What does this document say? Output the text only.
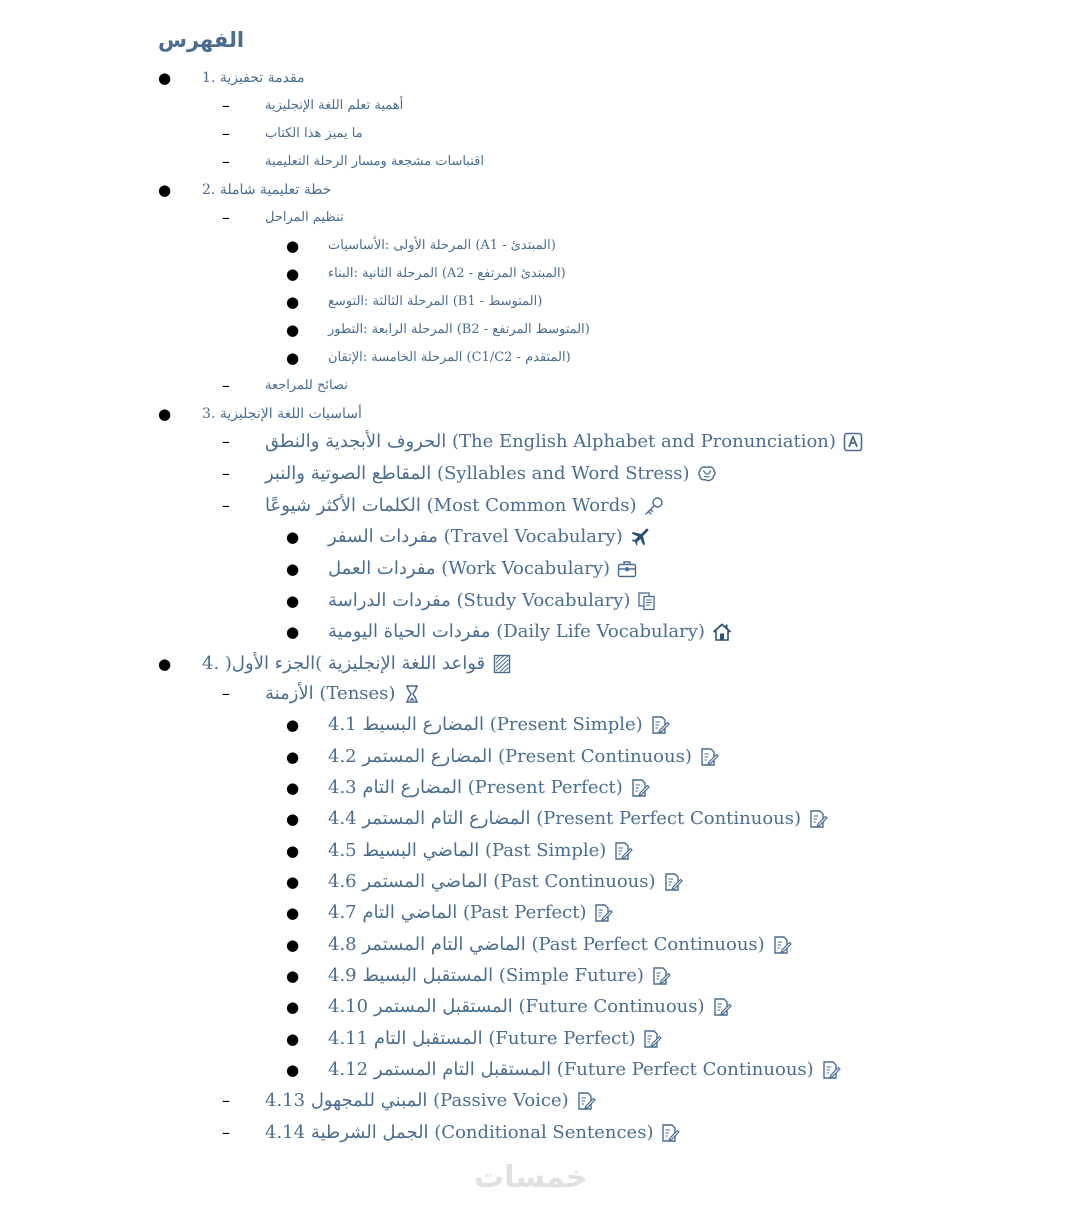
الفهرس
● مقدمة تحفيزية .1
–	أهمية تعلم اللغة الإنجليزية
–	ما يميز هذا الكتاب
–	اقتباسات مشجعة ومسار الرحلة التعليمية
● خطة تعليمية شاملة .2
–	تنظيم المراحل
● المرحلة الأولى :الأساسيات (A1 - المبتدئ)
● المرحلة الثانية :البناء (A2 - المبتدئ المرتفع)
● المرحلة الثالثة :التوسع (B1 - المتوسط)
● المرحلة الرابعة :التطور (B2 - المتوسط المرتفع)
● المرحلة الخامسة :الإتقان (C1/C2 - المتقدم)
–	نصائح للمراجعة
● أساسيات اللغة الإنجليزية .3
– الحروف الأبجدية والنطق (The English Alphabet and Pronunciation)
– المقاطع الصوتية والنبر (Syllables and Word Stress)
– الكلمات الأكثر شيوعًا (Most Common Words)
● مفردات السفر (Travel Vocabulary)
● مفردات العمل (Work Vocabulary)
● مفردات الدراسة (Study Vocabulary)
● مفردات الحياة اليومية (Daily Life Vocabulary)
● قواعد اللغة الإنجليزية )الجزء الأول( .4
– الأزمنة (Tenses)
● 4.1 المضارع البسيط (Present Simple)
● 4.2 المضارع المستمر (Present Continuous)
● 4.3 المضارع التام (Present Perfect)
● 4.4 المضارع التام المستمر (Present Perfect Continuous)
● 4.5 الماضي البسيط (Past Simple)
● 4.6 الماضي المستمر (Past Continuous)
● 4.7 الماضي التام (Past Perfect)
● 4.8 الماضي التام المستمر (Past Perfect Continuous)
● 4.9 المستقبل البسيط (Simple Future)
● 4.10 المستقبل المستمر (Future Continuous)
● 4.11 المستقبل التام (Future Perfect)
● 4.12 المستقبل التام المستمر (Future Perfect Continuous)
– 4.13 المبني للمجهول (Passive Voice)
– 4.14 الجمل الشرطية (Conditional Sentences)
خمسات
